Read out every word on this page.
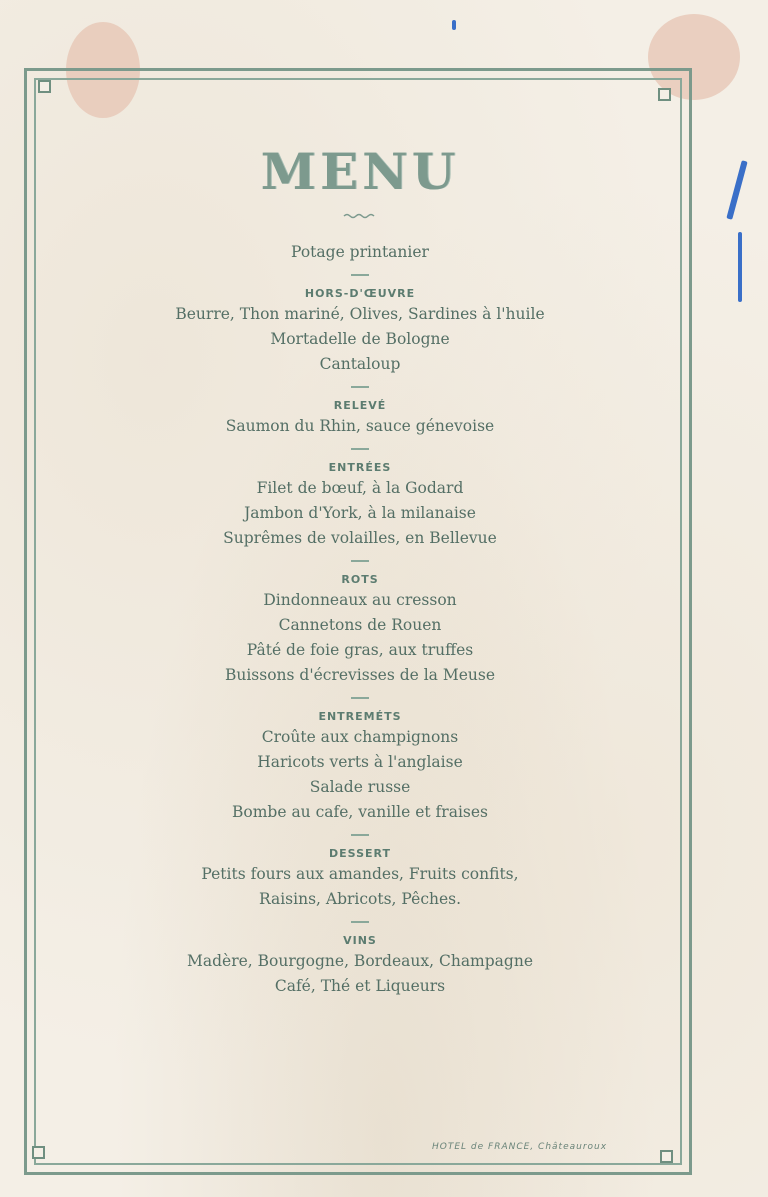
MENU
Potage printanier
HORS-D'ŒUVRE
Beurre, Thon mariné, Olives, Sardines à l'huile
Mortadelle de Bologne
Cantaloup
RELEVÉ
Saumon du Rhin, sauce génevoise
ENTRÉES
Filet de bœuf, à la Godard
Jambon d'York, à la milanaise
Suprêmes de volailles, en Bellevue
ROTS
Dindonneaux au cresson
Cannetons de Rouen
Pâté de foie gras, aux truffes
Buissons d'écrevisses de la Meuse
ENTREMÉTS
Croûte aux champignons
Haricots verts à l'anglaise
Salade russe
Bombe au cafe, vanille et fraises
DESSERT
Petits fours aux amandes, Fruits confits,
Raisins, Abricots, Pêches.
VINS
Madère, Bourgogne, Bordeaux, Champagne
Café, Thé et Liqueurs
HOTEL de FRANCE, Châteauroux
